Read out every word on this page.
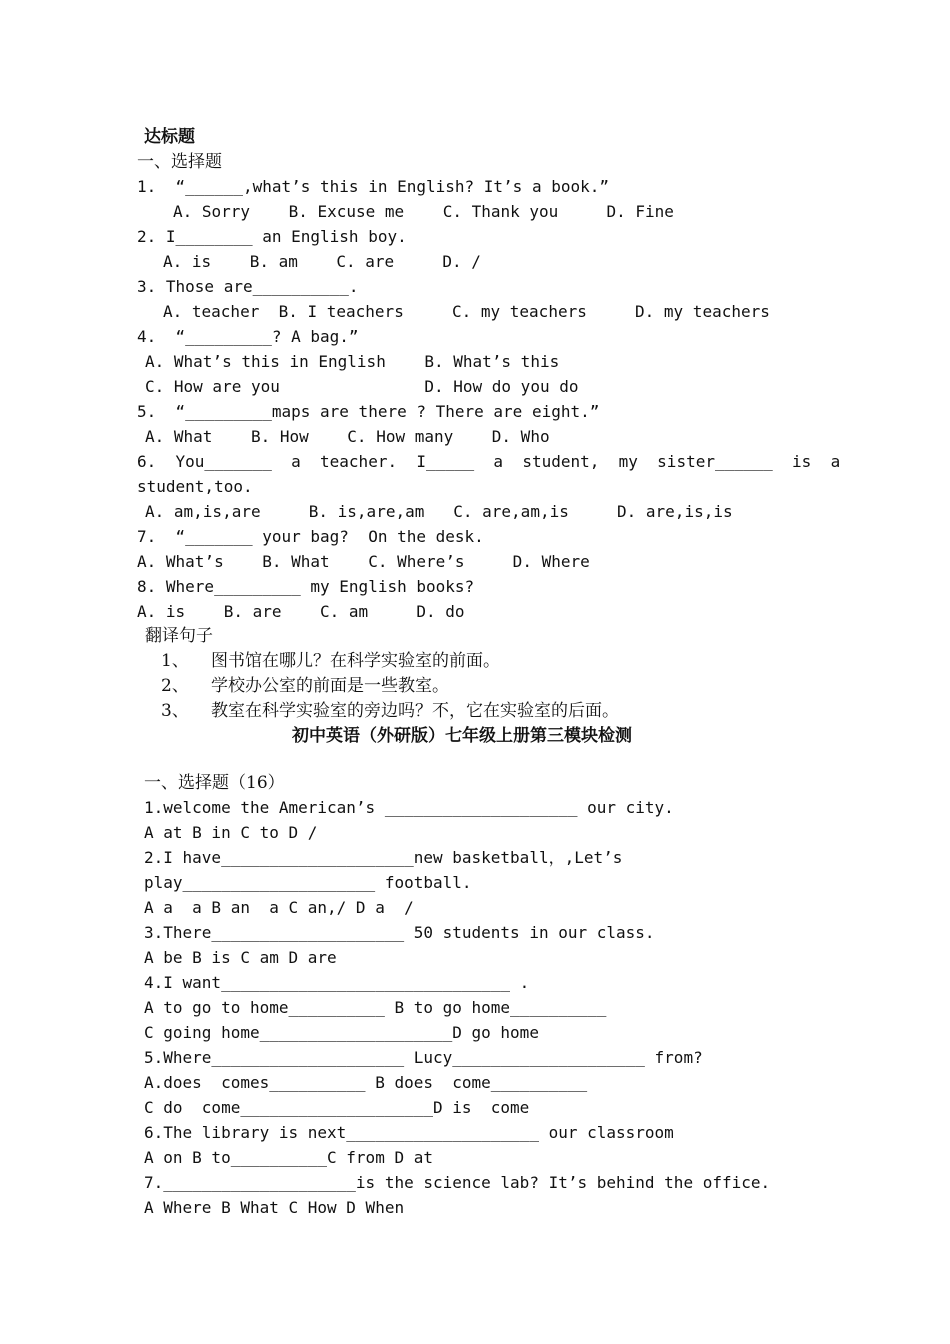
达标题
一、选择题
1.  “______,what’s this in English? It’s a book.”
A. Sorry    B. Excuse me    C. Thank you     D. Fine
2. I________ an English boy.
A. is    B. am    C. are     D. /
3. Those are__________.
A. teacher  B. I teachers     C. my teachers     D. my teachers
4.  “_________? A bag.”
A. What’s this in English    B. What’s this
C. How are you               D. How do you do
5.  “_________maps are there ? There are eight.”
A. What    B. How    C. How many    D. Who
6.  You_______  a  teacher.  I_____  a  student,  my  sister______  is  a
student,too.
A. am,is,are     B. is,are,am   C. are,am,is     D. are,is,is
7.  “_______ your bag?  On the desk.
A. What’s    B. What    C. Where’s     D. Where
8. Where_________ my English books?
A. is    B. are    C. am     D. do
翻译句子
1、 图书馆在哪儿？在科学实验室的前面。
2、 学校办公室的前面是一些教室。
3、 教室在科学实验室的旁边吗？不，它在实验室的后面。
初中英语（外研版）七年级上册第三模块检测
一、选择题（16）
1.welcome the American’s ____________________ our city.
A at B in C to D /
2.I have____________________new basketball，,Let’s
play____________________ football.
A a  a B an  a C an,/ D a  /
3.There____________________ 50 students in our class.
A be B is C am D are
4.I want______________________________ .
A to go to home__________ B to go home__________
C going home____________________D go home
5.Where____________________ Lucy____________________ from?
A.does  comes__________ B does  come__________
C do  come____________________D is  come
6.The library is next____________________ our classroom
A on B to__________C from D at
7.____________________is the science lab? It’s behind the office.
A Where B What C How D When
